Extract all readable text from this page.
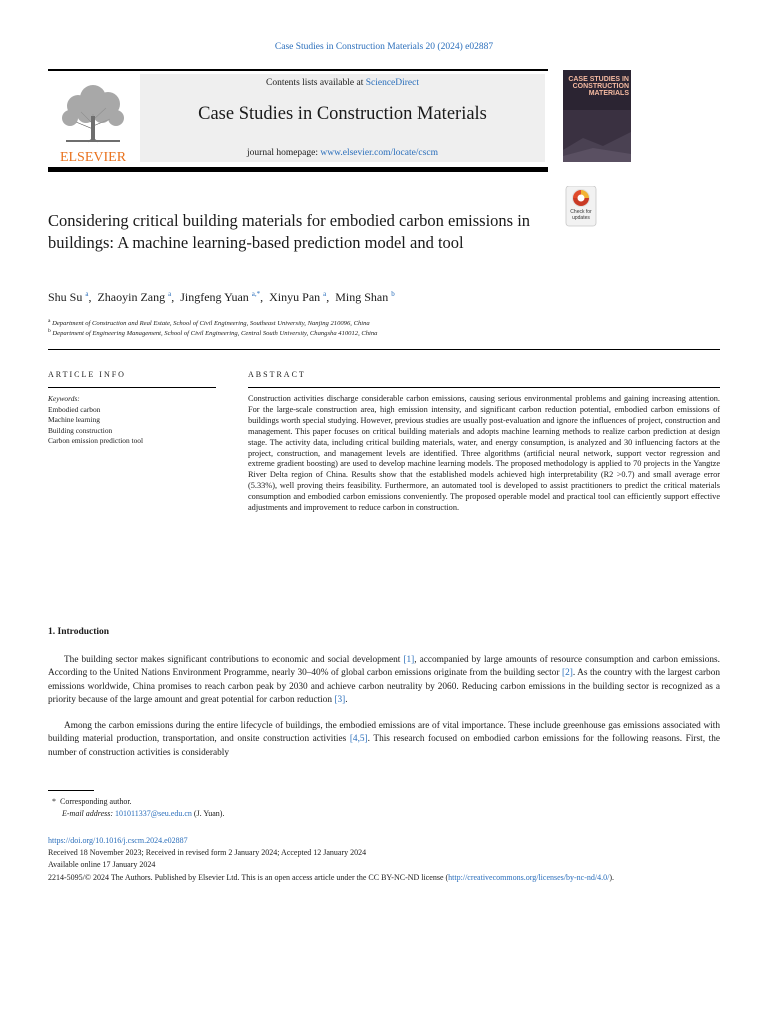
Case Studies in Construction Materials 20 (2024) e02887
ELSEVIER
Contents lists available at ScienceDirect
Case Studies in Construction Materials
journal homepage: www.elsevier.com/locate/cscm
CASE STUDIES IN CONSTRUCTION MATERIALS
Check for updates
Considering critical building materials for embodied carbon emissions in buildings: A machine learning-based prediction model and tool
Shu Su $^a$,  Zhaoyin Zang $^a$,  Jingfeng Yuan $^{a,*}$,  Xinyu Pan $^a$,  Ming Shan $^b$
$^a$ Department of Construction and Real Estate, School of Civil Engineering, Southeast University, Nanjing 210096, China
$^b$ Department of Engineering Management, School of Civil Engineering, Central South University, Changsha 410012, China
ARTICLE INFO	ABSTRACT
Keywords:
Embodied carbon
Machine learning
Building construction
Carbon emission prediction tool
Construction activities discharge considerable carbon emissions, causing serious environmental problems and gaining increasing attention. For the large-scale construction area, high emission intensity, and significant carbon reduction potential, embodied carbon emissions of buildings worth special studying. However, previous studies are usually post-evaluation and ignore the influences of project, construction and management. This paper focuses on critical building materials and adopts machine learning methods to realize carbon prediction at design stage. The activity data, including critical building materials, water, and energy consumption, is analyzed and 30 influencing factors at the project, construction, and management levels are identified. Three algorithms (artificial neural network, support vector regression and extreme gradient boosting) are used to develop machine learning models. The proposed methodology is applied to 70 projects in the Yangtze River Delta region of China. Results show that the established models achieved high interpretability (R2 >0.7) and small average error (5.33%), well proving theirs feasibility. Furthermore, an automated tool is developed to assist practitioners to predict the critical materials consumption and embodied carbon emissions conveniently. The proposed operable model and practical tool can efficiently support effective adjustments and improvement to reduce carbon in construction.
1. Introduction
The building sector makes significant contributions to economic and social development [1], accompanied by large amounts of resource consumption and carbon emissions. According to the United Nations Environment Programme, nearly 30–40% of global carbon emissions originate from the building sector [2]. As the country with the largest carbon emissions worldwide, China promises to reach carbon peak by 2030 and achieve carbon neutrality by 2060. Reducing carbon emissions in the building sector is recognized as a priority because of the large amount and great potential for carbon reduction [3].
Among the carbon emissions during the entire lifecycle of buildings, the embodied emissions are of vital importance. These include greenhouse gas emissions associated with building material production, transportation, and onsite construction activities [4,5]. This research focused on embodied carbon emissions for the following reasons. First, the number of construction activities is considerably
* Corresponding author.
E-mail address: 101011337@seu.edu.cn (J. Yuan).
https://doi.org/10.1016/j.cscm.2024.e02887
Received 18 November 2023; Received in revised form 2 January 2024; Accepted 12 January 2024
Available online 17 January 2024
2214-5095/© 2024 The Authors. Published by Elsevier Ltd. This is an open access article under the CC BY-NC-ND license (http://creativecommons.org/licenses/by-nc-nd/4.0/).
